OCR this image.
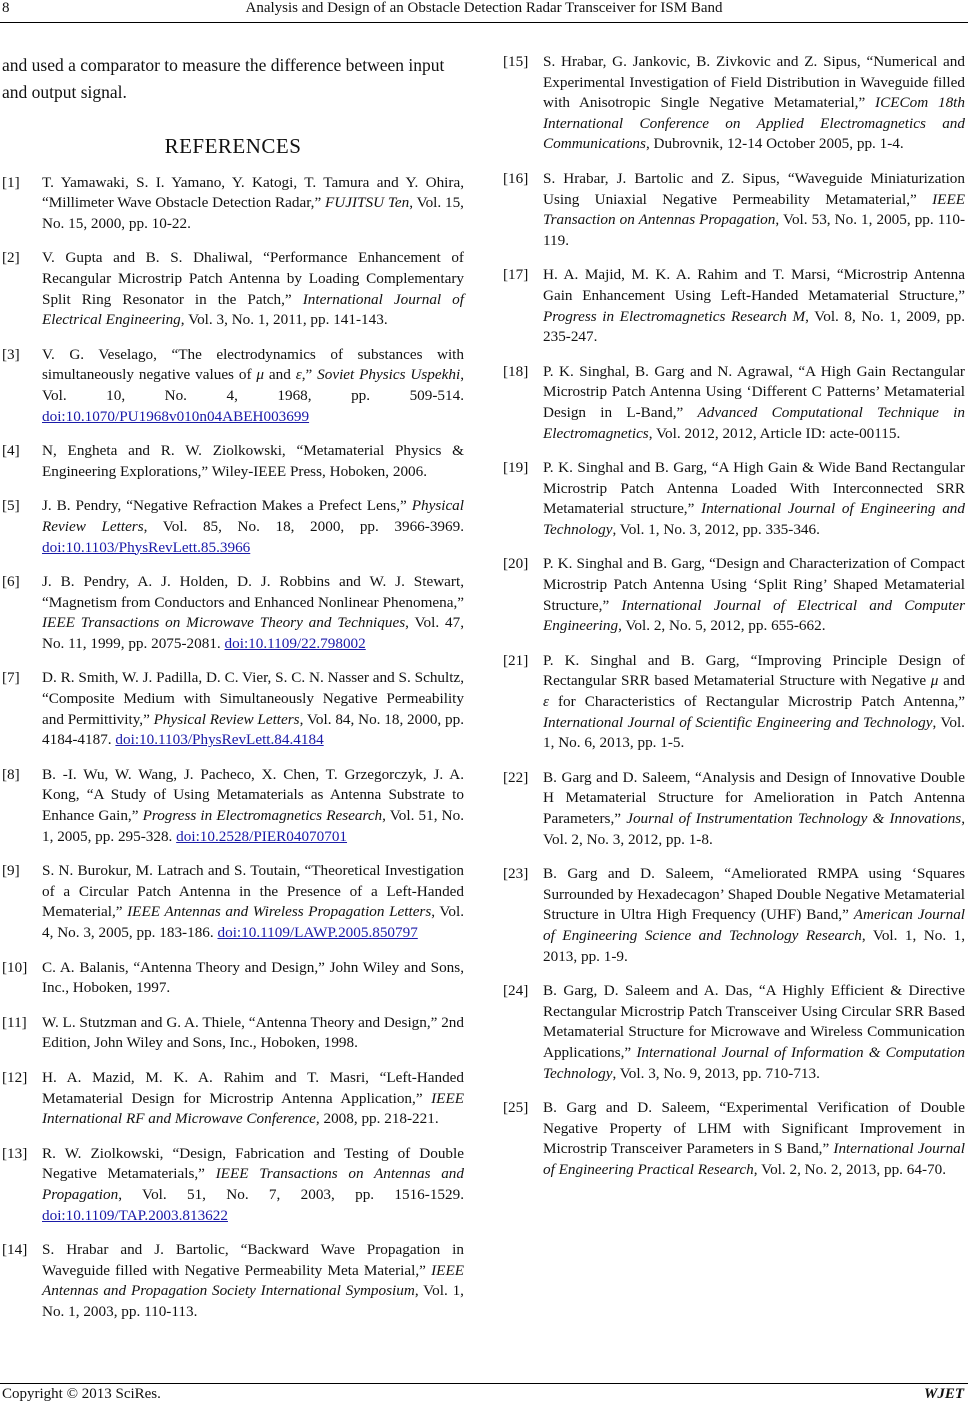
8	Analysis and Design of an Obstacle Detection Radar Transceiver for ISM Band

and used a comparator to measure the difference between input and output signal.

REFERENCES
[1] T. Yamawaki, S. I. Yamano, Y. Katogi, T. Tamura and Y. Ohira, “Millimeter Wave Obstacle Detection Radar,” FUJITSU Ten, Vol. 15, No. 15, 2000, pp. 10-22.
[2] V. Gupta and B. S. Dhaliwal, “Performance Enhancement of Recangular Microstrip Patch Antenna by Loading Complementary Split Ring Resonator in the Patch,” International Journal of Electrical Engineering, Vol. 3, No. 1, 2011, pp. 141-143.
[3] V. G. Veselago, “The electrodynamics of substances with simultaneously negative values of μ and ε,” Soviet Physics Uspekhi, Vol. 10, No. 4, 1968, pp. 509-514. doi:10.1070/PU1968v010n04ABEH003699
[4] N, Engheta and R. W. Ziolkowski, “Metamaterial Physics & Engineering Explorations,” Wiley-IEEE Press, Hoboken, 2006.
[5] J. B. Pendry, “Negative Refraction Makes a Prefect Lens,” Physical Review Letters, Vol. 85, No. 18, 2000, pp. 3966-3969. doi:10.1103/PhysRevLett.85.3966
[6] J. B. Pendry, A. J. Holden, D. J. Robbins and W. J. Stewart, “Magnetism from Conductors and Enhanced Nonlinear Phenomena,” IEEE Transactions on Microwave Theory and Techniques, Vol. 47, No. 11, 1999, pp. 2075-2081. doi:10.1109/22.798002
[7] D. R. Smith, W. J. Padilla, D. C. Vier, S. C. N. Nasser and S. Schultz, “Composite Medium with Simultaneously Negative Permeability and Permittivity,” Physical Review Letters, Vol. 84, No. 18, 2000, pp. 4184-4187. doi:10.1103/PhysRevLett.84.4184
[8] B. -I. Wu, W. Wang, J. Pacheco, X. Chen, T. Grzegorczyk, J. A. Kong, “A Study of Using Metamaterials as Antenna Substrate to Enhance Gain,” Progress in Electromagnetics Research, Vol. 51, No. 1, 2005, pp. 295-328. doi:10.2528/PIER04070701
[9] S. N. Burokur, M. Latrach and S. Toutain, “Theoretical Investigation of a Circular Patch Antenna in the Presence of a Left-Handed Mematerial,” IEEE Antennas and Wireless Propagation Letters, Vol. 4, No. 3, 2005, pp. 183-186. doi:10.1109/LAWP.2005.850797
[10] C. A. Balanis, “Antenna Theory and Design,” John Wiley and Sons, Inc., Hoboken, 1997.
[11] W. L. Stutzman and G. A. Thiele, “Antenna Theory and Design,” 2nd Edition, John Wiley and Sons, Inc., Hoboken, 1998.
[12] H. A. Mazid, M. K. A. Rahim and T. Masri, “Left-Handed Metamaterial Design for Microstrip Antenna Application,” IEEE International RF and Microwave Conference, 2008, pp. 218-221.
[13] R. W. Ziolkowski, “Design, Fabrication and Testing of Double Negative Metamaterials,” IEEE Transactions on Antennas and Propagation, Vol. 51, No. 7, 2003, pp. 1516-1529. doi:10.1109/TAP.2003.813622
[14] S. Hrabar and J. Bartolic, “Backward Wave Propagation in Waveguide filled with Negative Permeability Meta Material,” IEEE Antennas and Propagation Society International Symposium, Vol. 1, No. 1, 2003, pp. 110-113.
[15] S. Hrabar, G. Jankovic, B. Zivkovic and Z. Sipus, “Numerical and Experimental Investigation of Field Distribution in Waveguide filled with Anisotropic Single Negative Metamaterial,” ICECom 18th International Conference on Applied Electromagnetics and Communications, Dubrovnik, 12-14 October 2005, pp. 1-4.
[16] S. Hrabar, J. Bartolic and Z. Sipus, “Waveguide Miniaturization Using Uniaxial Negative Permeability Metamaterial,” IEEE Transaction on Antennas Propagation, Vol. 53, No. 1, 2005, pp. 110-119.
[17] H. A. Majid, M. K. A. Rahim and T. Marsi, “Microstrip Antenna Gain Enhancement Using Left-Handed Metamaterial Structure,” Progress in Electromagnetics Research M, Vol. 8, No. 1, 2009, pp. 235-247.
[18] P. K. Singhal, B. Garg and N. Agrawal, “A High Gain Rectangular Microstrip Patch Antenna Using ‘Different C Patterns’ Metamaterial Design in L-Band,” Advanced Computational Technique in Electromagnetics, Vol. 2012, 2012, Article ID: acte-00115.
[19] P. K. Singhal and B. Garg, “A High Gain & Wide Band Rectangular Microstrip Patch Antenna Loaded With Interconnected SRR Metamaterial structure,” International Journal of Engineering and Technology, Vol. 1, No. 3, 2012, pp. 335-346.
[20] P. K. Singhal and B. Garg, “Design and Characterization of Compact Microstrip Patch Antenna Using ‘Split Ring’ Shaped Metamaterial Structure,” International Journal of Electrical and Computer Engineering, Vol. 2, No. 5, 2012, pp. 655-662.
[21] P. K. Singhal and B. Garg, “Improving Principle Design of Rectangular SRR based Metamaterial Structure with Negative μ and ε for Characteristics of Rectangular Microstrip Patch Antenna,” International Journal of Scientific Engineering and Technology, Vol. 1, No. 6, 2013, pp. 1-5.
[22] B. Garg and D. Saleem, “Analysis and Design of Innovative Double H Metamaterial Structure for Amelioration in Patch Antenna Parameters,” Journal of Instrumentation Technology & Innovations, Vol. 2, No. 3, 2012, pp. 1-8.
[23] B. Garg and D. Saleem, “Ameliorated RMPA using ‘Squares Surrounded by Hexadecagon’ Shaped Double Negative Metamaterial Structure in Ultra High Frequency (UHF) Band,” American Journal of Engineering Science and Technology Research, Vol. 1, No. 1, 2013, pp. 1-9.
[24] B. Garg, D. Saleem and A. Das, “A Highly Efficient & Directive Rectangular Microstrip Patch Transceiver Using Circular SRR Based Metamaterial Structure for Microwave and Wireless Communication Applications,” International Journal of Information & Computation Technology, Vol. 3, No. 9, 2013, pp. 710-713.
[25] B. Garg and D. Saleem, “Experimental Verification of Double Negative Property of LHM with Significant Improvement in Microstrip Transceiver Parameters in S Band,” International Journal of Engineering Practical Research, Vol. 2, No. 2, 2013, pp. 64-70.
Copyright © 2013 SciRes.	WJET
